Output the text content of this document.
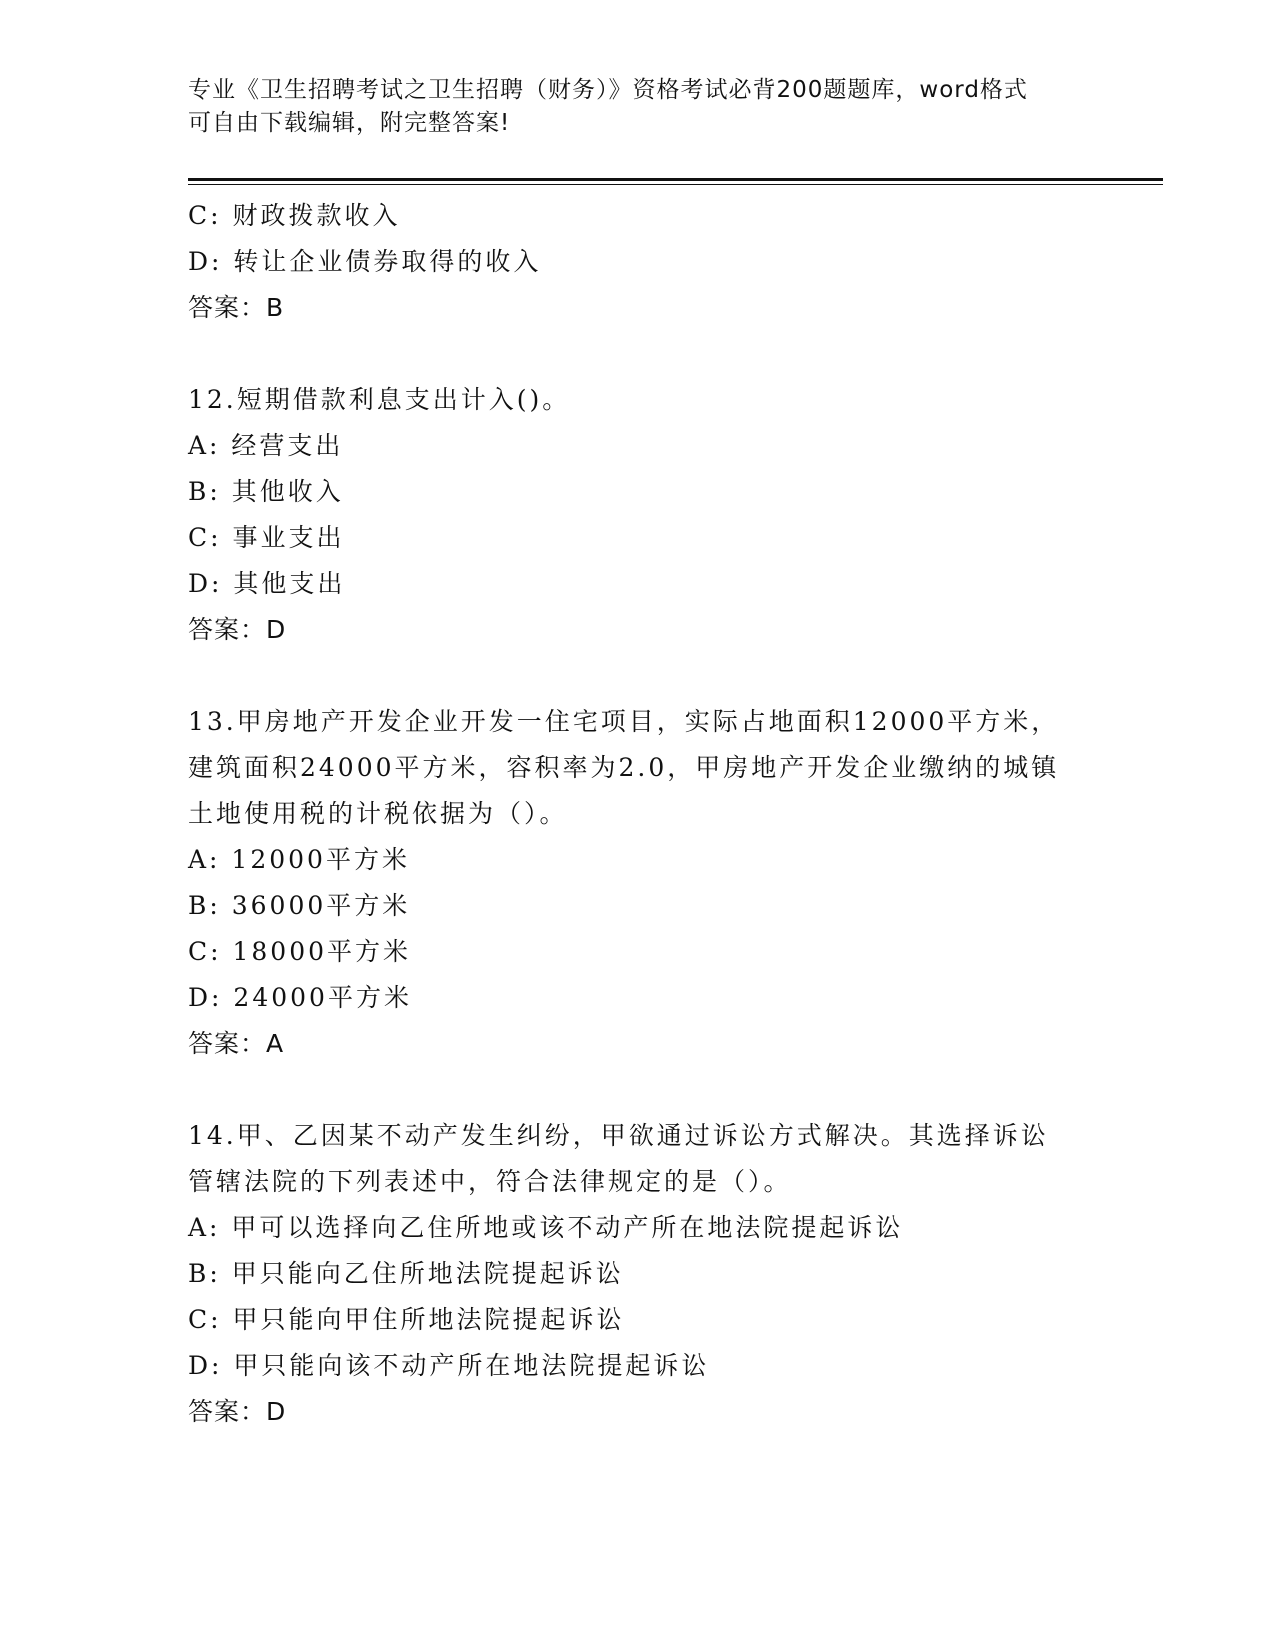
专业《卫生招聘考试之卫生招聘（财务）》资格考试必背200题题库，word格式
可自由下载编辑，附完整答案!
C: 财政拨款收入
D: 转让企业债券取得的收入
答案：B
12.短期借款利息支出计入()。
A: 经营支出
B: 其他收入
C: 事业支出
D: 其他支出
答案：D
13.甲房地产开发企业开发一住宅项目，实际占地面积12000平方米，
建筑面积24000平方米，容积率为2.0，甲房地产开发企业缴纳的城镇
土地使用税的计税依据为（）。
A: 12000平方米
B: 36000平方米
C: 18000平方米
D: 24000平方米
答案：A
14.甲、乙因某不动产发生纠纷，甲欲通过诉讼方式解决。其选择诉讼
管辖法院的下列表述中，符合法律规定的是（）。
A: 甲可以选择向乙住所地或该不动产所在地法院提起诉讼
B: 甲只能向乙住所地法院提起诉讼
C: 甲只能向甲住所地法院提起诉讼
D: 甲只能向该不动产所在地法院提起诉讼
答案：D
